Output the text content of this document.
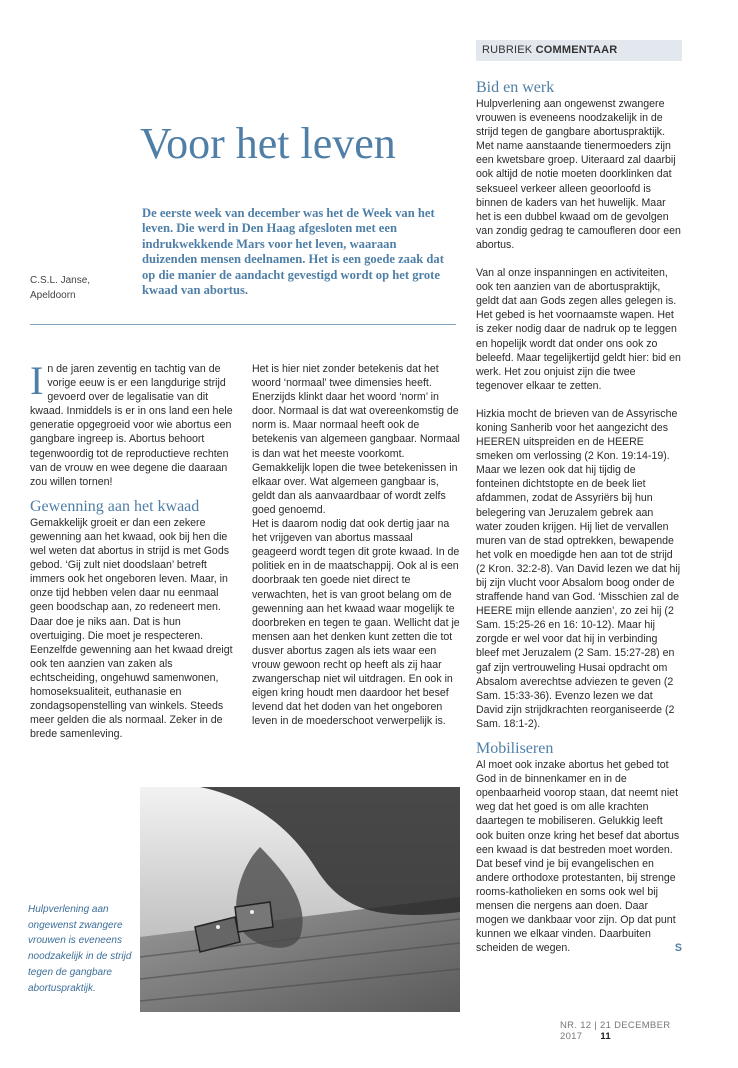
RUBRIEK COMMENTAAR
Voor het leven
De eerste week van december was het de Week van het leven. Die werd in Den Haag afgesloten met een indrukwekkende Mars voor het leven, waaraan duizenden mensen deelnamen. Het is een goede zaak dat op die manier de aandacht gevestigd wordt op het grote kwaad van abortus.
C.S.L. Janse,
Apeldoorn

In de jaren zeventig en tachtig van de vorige eeuw is er een langdurige strijd gevoerd over de legalisatie van dit kwaad. Inmiddels is er in ons land een hele generatie opgegroeid voor wie abortus een gangbare ingreep is. Abortus behoort tegenwoordig tot de reproductieve rechten van de vrouw en wee degene die daaraan zou willen tornen!

Gewenning aan het kwaad

Gemakkelijk groeit er dan een zekere gewenning aan het kwaad, ook bij hen die wel weten dat abortus in strijd is met Gods gebod. ‘Gij zult niet doodslaan’ betreft immers ook het ongeboren leven. Maar, in onze tijd hebben velen daar nu eenmaal geen boodschap aan, zo redeneert men. Daar doe je niks aan. Dat is hun overtuiging. Die moet je respecteren.

Eenzelfde gewenning aan het kwaad dreigt ook ten aanzien van zaken als echtscheiding, ongehuwd samenwonen, homoseksualiteit, euthanasie en zondagsopenstelling van winkels. Steeds meer gelden die als normaal. Zeker in de brede samenleving.

Het is hier niet zonder betekenis dat het woord ‘normaal’ twee dimensies heeft. Enerzijds klinkt daar het woord ‘norm’ in door. Normaal is dat wat overeenkomstig de norm is. Maar normaal heeft ook de betekenis van algemeen gangbaar. Normaal is dan wat het meeste voorkomt. Gemakkelijk lopen die twee betekenissen in elkaar over. Wat algemeen gangbaar is, geldt dan als aanvaardbaar of wordt zelfs goed genoemd.

Het is daarom nodig dat ook dertig jaar na het vrijgeven van abortus massaal geageerd wordt tegen dit grote kwaad. In de politiek en in de maatschappij. Ook al is een doorbraak ten goede niet direct te verwachten, het is van groot belang om de gewenning aan het kwaad waar mogelijk te doorbreken en tegen te gaan. Wellicht dat je mensen aan het denken kunt zetten die tot dusver abortus zagen als iets waar een vrouw gewoon recht op heeft als zij haar zwangerschap niet wil uitdragen. En ook in eigen kring houdt men daardoor het besef levend dat het doden van het ongeboren leven in de moederschoot verwerpelijk is.

Bid en werk

Hulpverlening aan ongewenst zwangere vrouwen is eveneens noodzakelijk in de strijd tegen de gangbare abortuspraktijk. Met name aanstaande tienermoeders zijn een kwetsbare groep. Uiteraard zal daarbij ook altijd de notie moeten doorklinken dat seksueel verkeer alleen geoorloofd is binnen de kaders van het huwelijk. Maar het is een dubbel kwaad om de gevolgen van zondig gedrag te camoufleren door een abortus.

Van al onze inspanningen en activiteiten, ook ten aanzien van de abortuspraktijk, geldt dat aan Gods zegen alles gelegen is. Het gebed is het voornaamste wapen. Het is zeker nodig daar de nadruk op te leggen en hopelijk wordt dat onder ons ook zo beleefd. Maar tegelijkertijd geldt hier: bid en werk. Het zou onjuist zijn die twee tegenover elkaar te zetten.

Hizkia mocht de brieven van de Assyrische koning Sanherib voor het aangezicht des HEEREN uitspreiden en de HEERE smeken om verlossing (2 Kon. 19:14-19). Maar we lezen ook dat hij tijdig de fonteinen dichtstopte en de beek liet afdammen, zodat de Assyriërs bij hun belegering van Jeruzalem gebrek aan water zouden krijgen. Hij liet de vervallen muren van de stad optrekken, bewapende het volk en moedigde hen aan tot de strijd (2 Kron. 32:2-8). Van David lezen we dat hij bij zijn vlucht voor Absalom boog onder de straffende hand van God. ‘Misschien zal de HEERE mijn ellende aanzien’, zo zei hij (2 Sam. 15:25-26 en 16: 10-12). Maar hij zorgde er wel voor dat hij in verbinding bleef met Jeruzalem (2 Sam. 15:27-28) en gaf zijn vertrouweling Husai opdracht om Absalom averechtse adviezen te geven (2 Sam. 15:33-36). Evenzo lezen we dat David zijn strijdkrachten reorganiseerde (2 Sam. 18:1-2).

Mobiliseren

Al moet ook inzake abortus het gebed tot God in de binnenkamer en in de openbaarheid voorop staan, dat neemt niet weg dat het goed is om alle krachten daartegen te mobiliseren. Gelukkig leeft ook buiten onze kring het besef dat abortus een kwaad is dat bestreden moet worden.

Dat besef vind je bij evangelischen en andere orthodoxe protestanten, bij strenge rooms-katholieken en soms ook wel bij mensen die nergens aan doen. Daar mogen we dankbaar voor zijn. Op dat punt kunnen we elkaar vinden. Daarbuiten scheiden de wegen.	S

Hulpverlening aan ongewenst zwangere vrouwen is eveneens noodzakelijk in de strijd tegen de gangbare abortuspraktijk.
NR. 12 | 21 DECEMBER 2017 11
